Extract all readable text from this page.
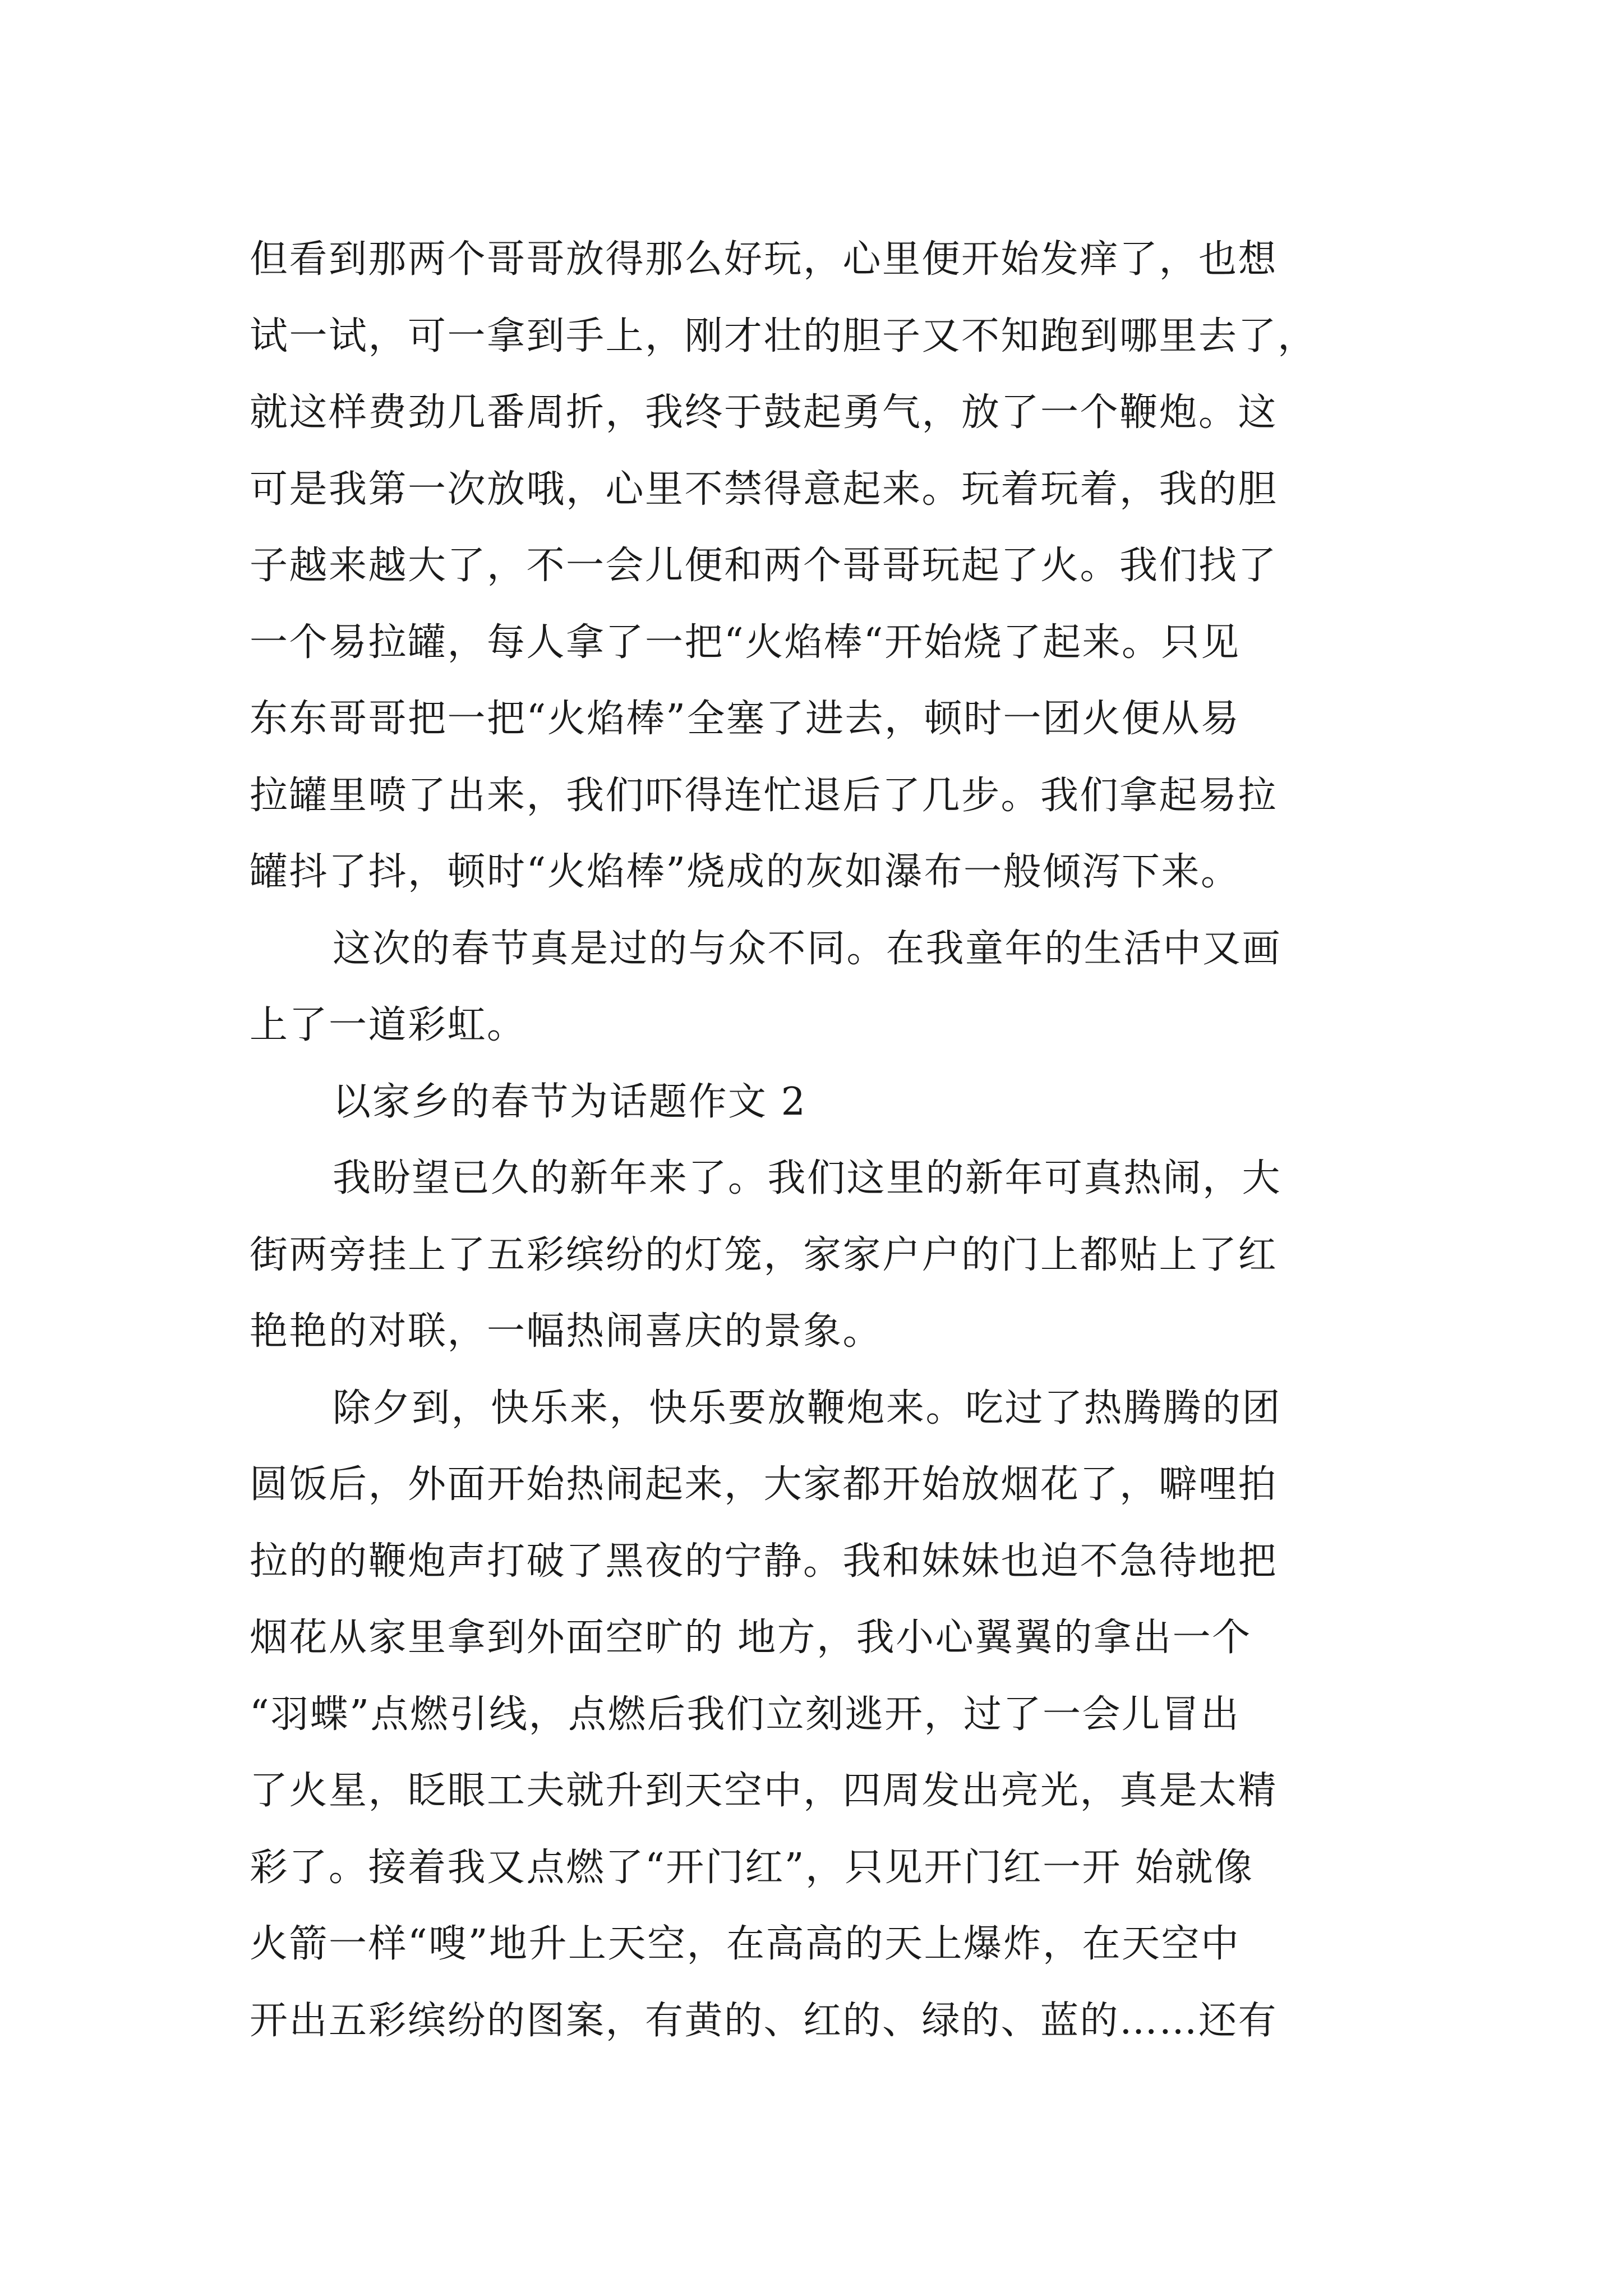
但看到那两个哥哥放得那么好玩，心里便开始发痒了，也想
试一试，可一拿到手上，刚才壮的胆子又不知跑到哪里去了，
就这样费劲几番周折，我终于鼓起勇气，放了一个鞭炮。这
可是我第一次放哦，心里不禁得意起来。玩着玩着，我的胆
子越来越大了，不一会儿便和两个哥哥玩起了火。我们找了
一个易拉罐，每人拿了一把“火焰棒“开始烧了起来。只见
东东哥哥把一把“火焰棒”全塞了进去，顿时一团火便从易
拉罐里喷了出来，我们吓得连忙退后了几步。我们拿起易拉
罐抖了抖，顿时“火焰棒”烧成的灰如瀑布一般倾泻下来。
这次的春节真是过的与众不同。在我童年的生活中又画
上了一道彩虹。
以家乡的春节为话题作文 2
我盼望已久的新年来了。我们这里的新年可真热闹，大
街两旁挂上了五彩缤纷的灯笼，家家户户的门上都贴上了红
艳艳的对联，一幅热闹喜庆的景象。
除夕到，快乐来，快乐要放鞭炮来。吃过了热腾腾的团
圆饭后，外面开始热闹起来，大家都开始放烟花了，噼哩拍
拉的的鞭炮声打破了黑夜的宁静。我和妹妹也迫不急待地把
烟花从家里拿到外面空旷的 地方，我小心翼翼的拿出一个
“羽蝶”点燃引线，点燃后我们立刻逃开，过了一会儿冒出
了火星，眨眼工夫就升到天空中，四周发出亮光，真是太精
彩了。接着我又点燃了“开门红”，只见开门红一开 始就像
火箭一样“嗖”地升上天空，在高高的天上爆炸，在天空中
开出五彩缤纷的图案，有黄的、红的、绿的、蓝的……还有
